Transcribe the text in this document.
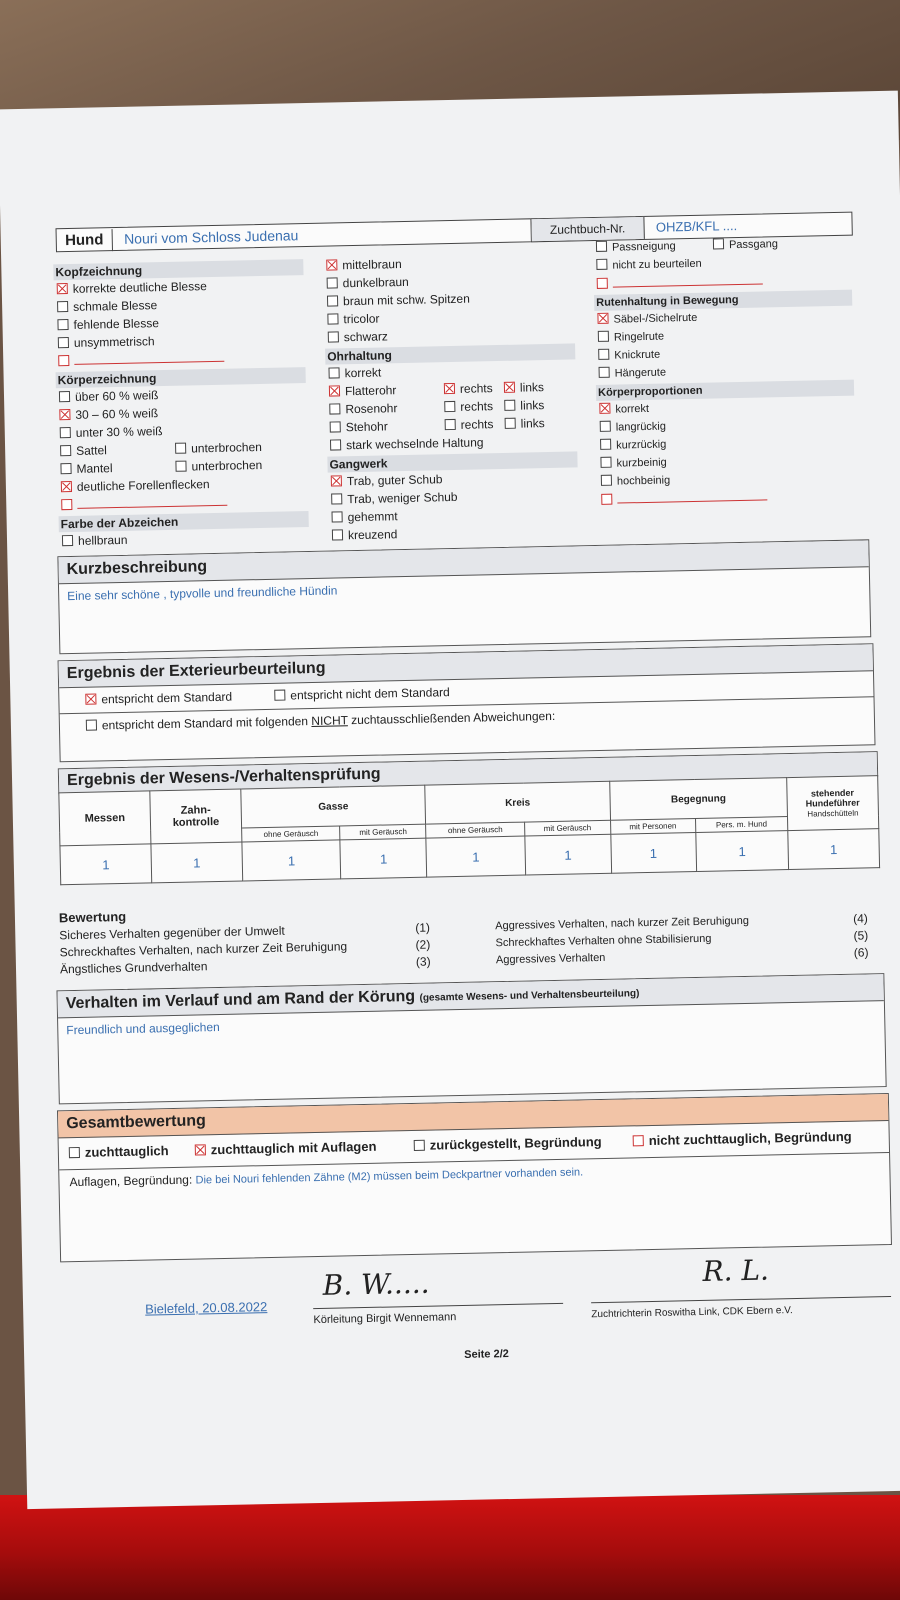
Hund Nouri vom Schloss Judenau	Zuchtbuch-Nr. OHZB/KFL ....
Kopfzeichnung
korrekte deutliche Blesse
schmale Blesse
fehlende Blesse
unsymmetrisch
Körperzeichnung
über 60 % weiß
30 – 60 % weiß
unter 30 % weiß
Sattel	unterbrochen
Mantel	unterbrochen
deutliche Forellenflecken
Farbe der Abzeichen
hellbraun
mittelbraun
dunkelbraun
braun mit schw. Spitzen
tricolor
schwarz
Ohrhaltung
korrekt
Flatterohr	rechts	links
Rosenohr	rechts	links
Stehohr	rechts	links
stark wechselnde Haltung
Gangwerk
Trab, guter Schub
Trab, weniger Schub
gehemmt
kreuzend
Passneigung	Passgang
nicht zu beurteilen
Rutenhaltung in Bewegung
Säbel-/Sichelrute
Ringelrute
Knickrute
Hängerute
Körperproportionen
korrekt
langrückig
kurzrückig
kurzbeinig
hochbeinig
Kurzbeschreibung
Eine sehr schöne , typvolle und freundliche Hündin
Ergebnis der Exterieurbeurteilung
entspricht dem Standard	entspricht nicht dem Standard
entspricht dem Standard mit folgenden NICHT zuchtausschließenden Abweichungen:
Ergebnis der Wesens-/Verhaltensprüfung
Messen	Zahn-
kontrolle	Gasse		Kreis		Begegnung		stehender
Hundeführer
Handschütteln
		ohne Geräusch	mit Geräusch	ohne Geräusch	mit Geräusch	mit Personen	Pers. m. Hund	
1	1	1	1	1	1	1	1	1
Bewertung
Sicheres Verhalten gegenüber der Umwelt	(1)
Schreckhaftes Verhalten, nach kurzer Zeit Beruhigung	(2)
Ängstliches Grundverhalten	(3)
Aggressives Verhalten, nach kurzer Zeit Beruhigung	(4)
Schreckhaftes Verhalten ohne Stabilisierung	(5)
Aggressives Verhalten	(6)
Verhalten im Verlauf und am Rand der Körung (gesamte Wesens- und Verhaltensbeurteilung)
Freundlich und ausgeglichen
Gesamtbewertung
zuchttauglich	zuchttauglich mit Auflagen	zurückgestellt, Begründung	nicht zuchttauglich, Begründung
Auflagen, Begründung: Die bei Nouri fehlenden Zähne (M2) müssen beim Deckpartner vorhanden sein.
Bielefeld, 20.08.2022
B. W.....
Körleitung Birgit Wennemann
R. L.
Zuchtrichterin Roswitha Link, CDK Ebern e.V.
Seite 2/2
